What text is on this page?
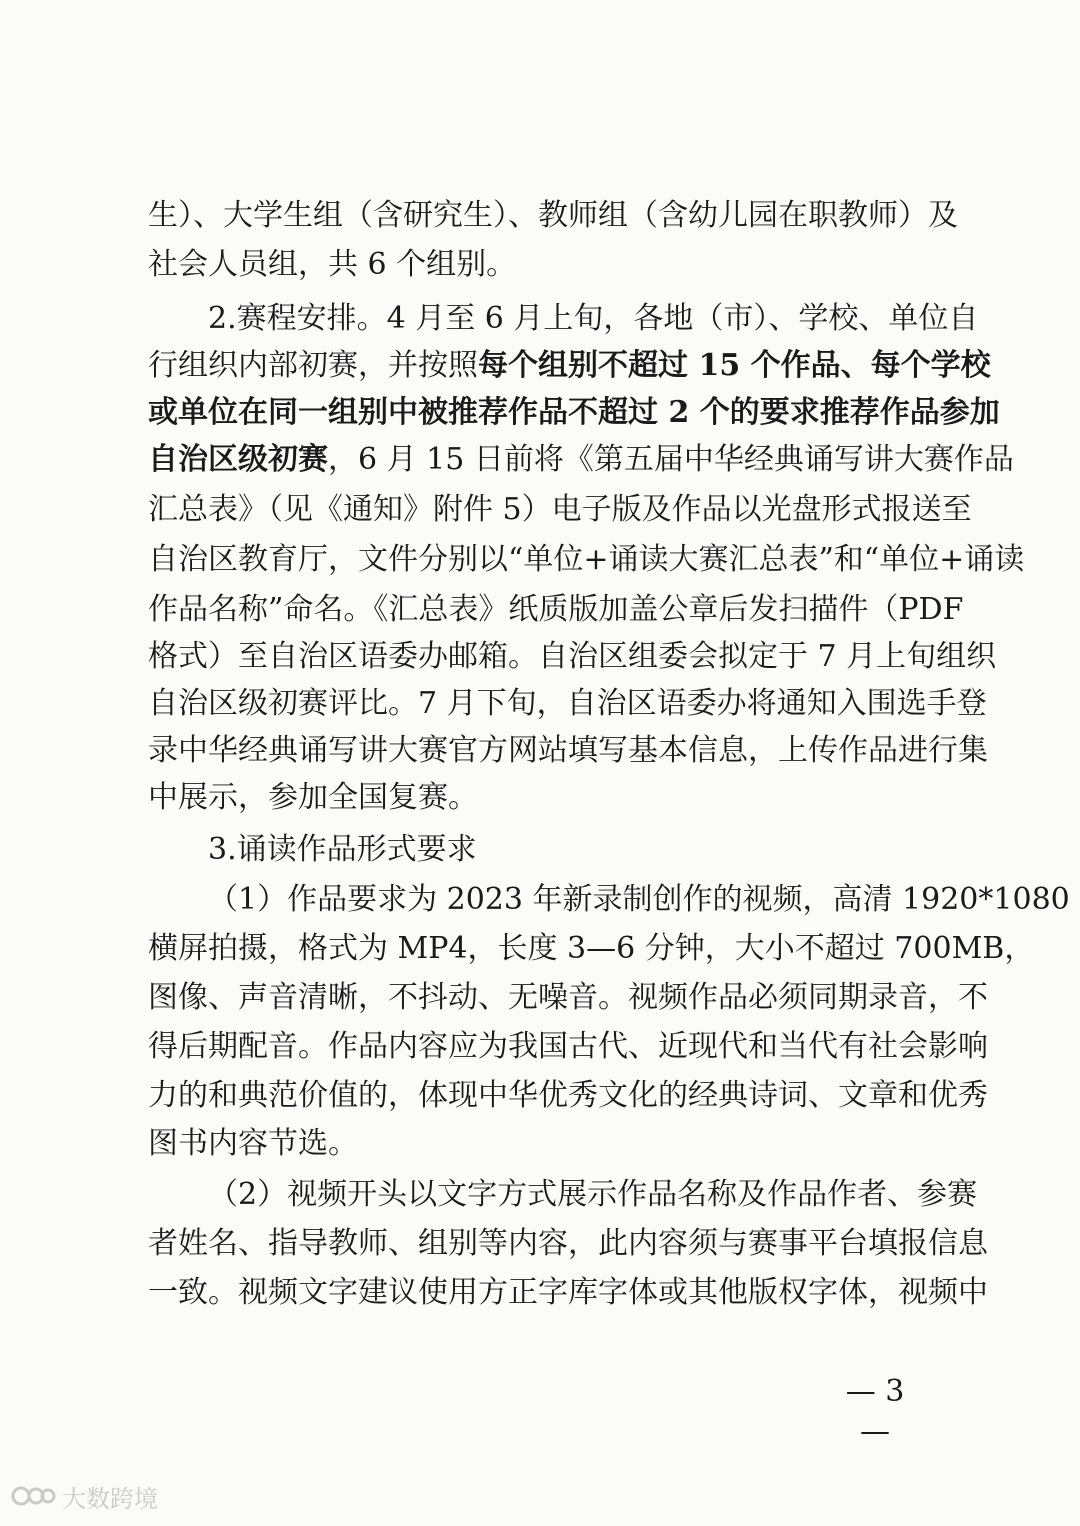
生）、大学生组（含研究生）、教师组（含幼儿园在职教师）及
社会人员组，共 6 个组别。
2.赛程安排。4 月至 6 月上旬，各地（市）、学校、单位自
行组织内部初赛，并按照每个组别不超过 15 个作品、每个学校
或单位在同一组别中被推荐作品不超过 2 个的要求推荐作品参加
自治区级初赛，6 月 15 日前将《第五届中华经典诵写讲大赛作品
汇总表》（见《通知》附件 5）电子版及作品以光盘形式报送至
自治区教育厅，文件分别以“单位+诵读大赛汇总表”和“单位+诵读
作品名称”命名。《汇总表》纸质版加盖公章后发扫描件（PDF
格式）至自治区语委办邮箱。自治区组委会拟定于 7 月上旬组织
自治区级初赛评比。7 月下旬，自治区语委办将通知入围选手登
录中华经典诵写讲大赛官方网站填写基本信息，上传作品进行集
中展示，参加全国复赛。
3.诵读作品形式要求
（1）作品要求为 2023 年新录制创作的视频，高清 1920*1080
横屏拍摄，格式为 MP4，长度 3—6 分钟，大小不超过 700MB，
图像、声音清晰，不抖动、无噪音。视频作品必须同期录音，不
得后期配音。作品内容应为我国古代、近现代和当代有社会影响
力的和典范价值的，体现中华优秀文化的经典诗词、文章和优秀
图书内容节选。
（2）视频开头以文字方式展示作品名称及作品作者、参赛
者姓名、指导教师、组别等内容，此内容须与赛事平台填报信息
一致。视频文字建议使用方正字库字体或其他版权字体，视频中
— 3 —
大数跨境
